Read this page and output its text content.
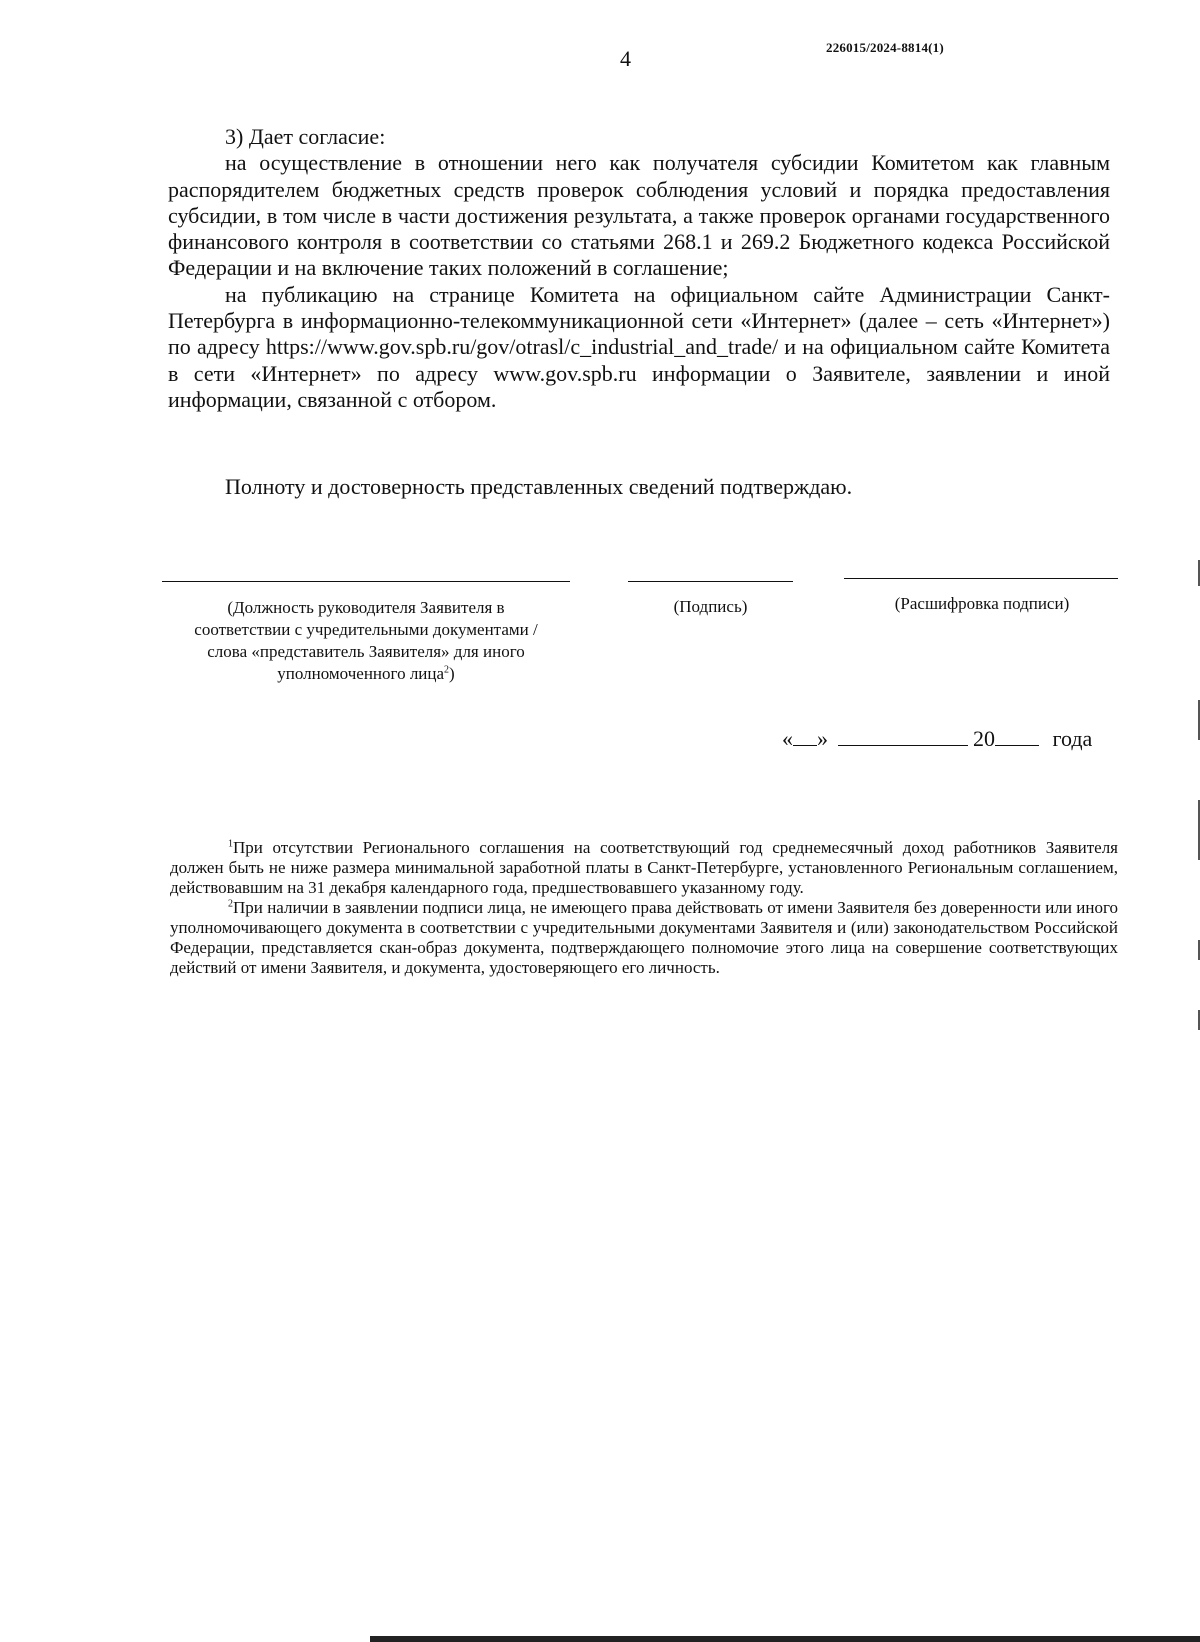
4	226015/2024-8814(1)

3) Дает согласие:

на осуществление в отношении него как получателя субсидии Комитетом как главным распорядителем бюджетных средств проверок соблюдения условий и порядка предоставления субсидии, в том числе в части достижения результата, а также проверок органами государственного финансового контроля в соответствии со статьями 268.1 и 269.2 Бюджетного кодекса Российской Федерации и на включение таких положений в соглашение;

на публикацию на странице Комитета на официальном сайте Администрации Санкт-Петербурга в информационно-телекоммуникационной сети «Интернет» (далее – сеть «Интернет») по адресу https://www.gov.spb.ru/gov/otrasl/c_industrial_and_trade/ и на официальном сайте Комитета в сети «Интернет» по адресу www.gov.spb.ru информации о Заявителе, заявлении и иной информации, связанной с отбором.

Полноту и достоверность представленных сведений подтверждаю.
(Должность руководителя Заявителя в соответствии с учредительными документами / слова «представитель Заявителя» для иного уполномоченного лица$^2$)
(Подпись)	(Расшифровка подписи)
« »	20	года

$^1$При отсутствии Регионального соглашения на соответствующий год среднемесячный доход работников Заявителя должен быть не ниже размера минимальной заработной платы в Санкт-Петербурге, установленного Региональным соглашением, действовавшим на 31 декабря календарного года, предшествовавшего указанному году.

$^2$При наличии в заявлении подписи лица, не имеющего права действовать от имени Заявителя без доверенности или иного уполномочивающего документа в соответствии с учредительными документами Заявителя и (или) законодательством Российской Федерации, представляется скан-образ документа, подтверждающего полномочие этого лица на совершение соответствующих действий от имени Заявителя, и документа, удостоверяющего его личность.
